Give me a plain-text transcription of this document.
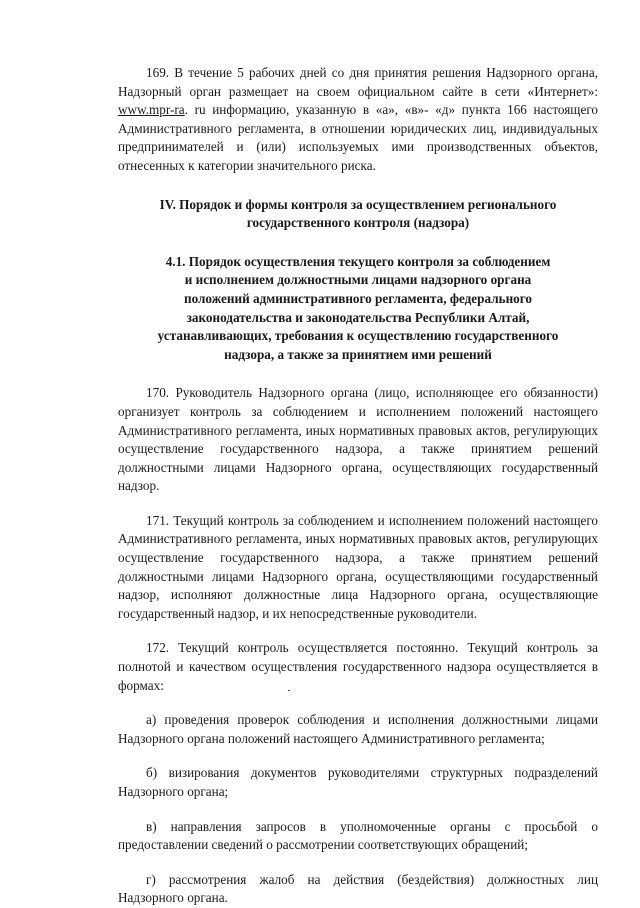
169. В течение 5 рабочих дней со дня принятия решения Надзорного органа, Надзорный орган размещает на своем официальном сайте в сети «Интернет»: www.mpr-ra. ru информацию, указанную в «а», «в»- «д» пункта 166 настоящего Административного регламента, в отношении юридических лиц, индивидуальных предпринимателей и (или) используемых ими производственных объектов, отнесенных к категории значительного риска.

IV. Порядок и формы контроля за осуществлением регионального
государственного контроля (надзора)

4.1. Порядок осуществления текущего контроля за соблюдением
и исполнением должностными лицами надзорного органа
положений административного регламента, федерального
законодательства и законодательства Республики Алтай,
устанавливающих, требования к осуществлению государственного
надзора, а также за принятием ими решений

170. Руководитель Надзорного органа (лицо, исполняющее его обязанности) организует контроль за соблюдением и исполнением положений настоящего Административного регламента, иных нормативных правовых актов, регулирующих осуществление государственного надзора, а также принятием решений должностными лицами Надзорного органа, осуществляющих государственный надзор.

171. Текущий контроль за соблюдением и исполнением положений настоящего Административного регламента, иных нормативных правовых актов, регулирующих осуществление государственного надзора, а также принятием решений должностными лицами Надзорного органа, осуществляющими государственный надзор, исполняют должностные лица Надзорного органа, осуществляющие государственный надзор, и их непосредственные руководители.

172. Текущий контроль осуществляется постоянно. Текущий контроль за полнотой и качеством осуществления государственного надзора осуществляется в формах:

а) проведения проверок соблюдения и исполнения должностными лицами Надзорного органа положений настоящего Административного регламента;

б) визирования документов руководителями структурных подразделений Надзорного органа;

в) направления запросов в уполномоченные органы с просьбой о предоставлении сведений о рассмотрении соответствующих обращений;

г) рассмотрения жалоб на действия (бездействия) должностных лиц Надзорного органа.
